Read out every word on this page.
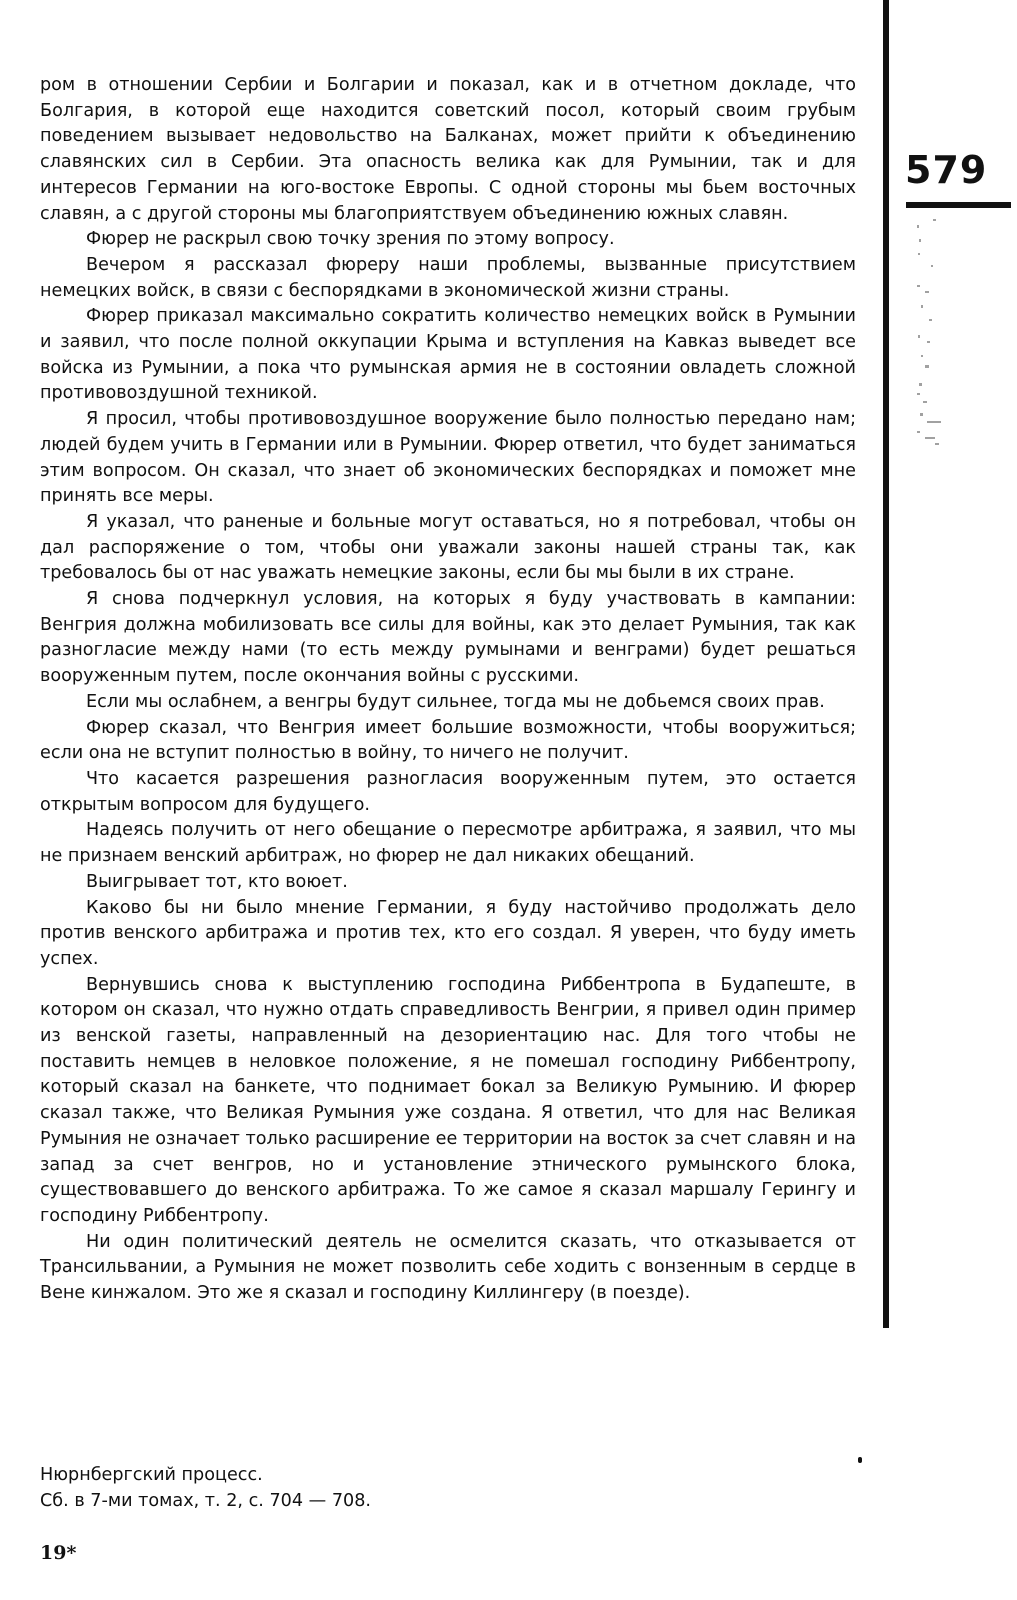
579

ром в отношении Сербии и Болгарии и показал, как и в отчетном докладе, что Болгария, в которой еще находится советский посол, который своим грубым поведением вызывает недовольство на Балканах, может прийти к объединению славянских сил в Сербии. Эта опасность велика как для Румынии, так и для интересов Германии на юго-востоке Европы. С одной стороны мы бьем восточных славян, а с другой стороны мы благоприятствуем объединению южных славян.

Фюрер не раскрыл свою точку зрения по этому вопросу.

Вечером я рассказал фюреру наши проблемы, вызванные присутствием немецких войск, в связи с беспорядками в экономической жизни страны.

Фюрер приказал максимально сократить количество немецких войск в Румынии и заявил, что после полной оккупации Крыма и вступления на Кавказ выведет все войска из Румынии, а пока что румынская армия не в состоянии овладеть сложной противовоздушной техникой.

Я просил, чтобы противовоздушное вооружение было полностью передано нам; людей будем учить в Германии или в Румынии. Фюрер ответил, что будет заниматься этим вопросом. Он сказал, что знает об экономических беспорядках и поможет мне принять все меры.

Я указал, что раненые и больные могут оставаться, но я потребовал, чтобы он дал распоряжение о том, чтобы они уважали законы нашей страны так, как требовалось бы от нас уважать немецкие законы, если бы мы были в их стране.

Я снова подчеркнул условия, на которых я буду участвовать в кампании: Венгрия должна мобилизовать все силы для войны, как это делает Румыния, так как разногласие между нами (то есть между румынами и венграми) будет решаться вооруженным путем, после окончания войны с русскими.

Если мы ослабнем, а венгры будут сильнее, тогда мы не добьемся своих прав.

Фюрер сказал, что Венгрия имеет большие возможности, чтобы вооружиться; если она не вступит полностью в войну, то ничего не получит.

Что касается разрешения разногласия вооруженным путем, это остается открытым вопросом для будущего.

Надеясь получить от него обещание о пересмотре арбитража, я заявил, что мы не признаем венский арбитраж, но фюрер не дал никаких обещаний.

Выигрывает тот, кто воюет.

Каково бы ни было мнение Германии, я буду настойчиво продолжать дело против венского арбитража и против тех, кто его создал. Я уверен, что буду иметь успех.

Вернувшись снова к выступлению господина Риббентропа в Будапеште, в котором он сказал, что нужно отдать справедливость Венгрии, я привел один пример из венской газеты, направленный на дезориентацию нас. Для того чтобы не поставить немцев в неловкое положение, я не помешал господину Риббентропу, который сказал на банкете, что поднимает бокал за Великую Румынию. И фюрер сказал также, что Великая Румыния уже создана. Я ответил, что для нас Великая Румыния не означает только расширение ее территории на восток за счет славян и на запад за счет венгров, но и установление этнического румынского блока, существовавшего до венского арбитража. То же самое я сказал маршалу Герингу и господину Риббентропу.

Ни один политический деятель не осмелится сказать, что отказывается от Трансильвании, а Румыния не может позволить себе ходить с вонзенным в сердце в Вене кинжалом. Это же я сказал и господину Киллингеру (в поезде).

Нюрнбергский процесс.
Сб. в 7-ми томах, т. 2, с. 704 — 708.
19*
